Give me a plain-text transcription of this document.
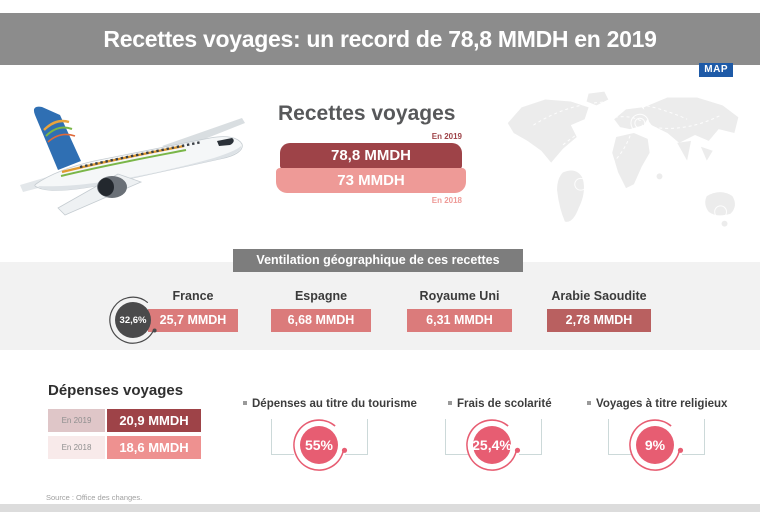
Recettes voyages: un record de 78,8 MMDH en 2019
MAP
Recettes voyages
En 2019
78,8 MMDH
73 MMDH
En 2018
Ventilation géographique de ces recettes
France
25,7 MMDH
Espagne
6,68 MMDH
Royaume Uni
6,31 MMDH
Arabie Saoudite
2,78 MMDH
32,6%
Dépenses voyages
En 2019	20,9 MMDH
En 2018	18,6 MMDH
Dépenses au titre du tourisme
55%
Frais de scolarité
25,4%
Voyages à titre religieux
9%
Source : Office des changes.
